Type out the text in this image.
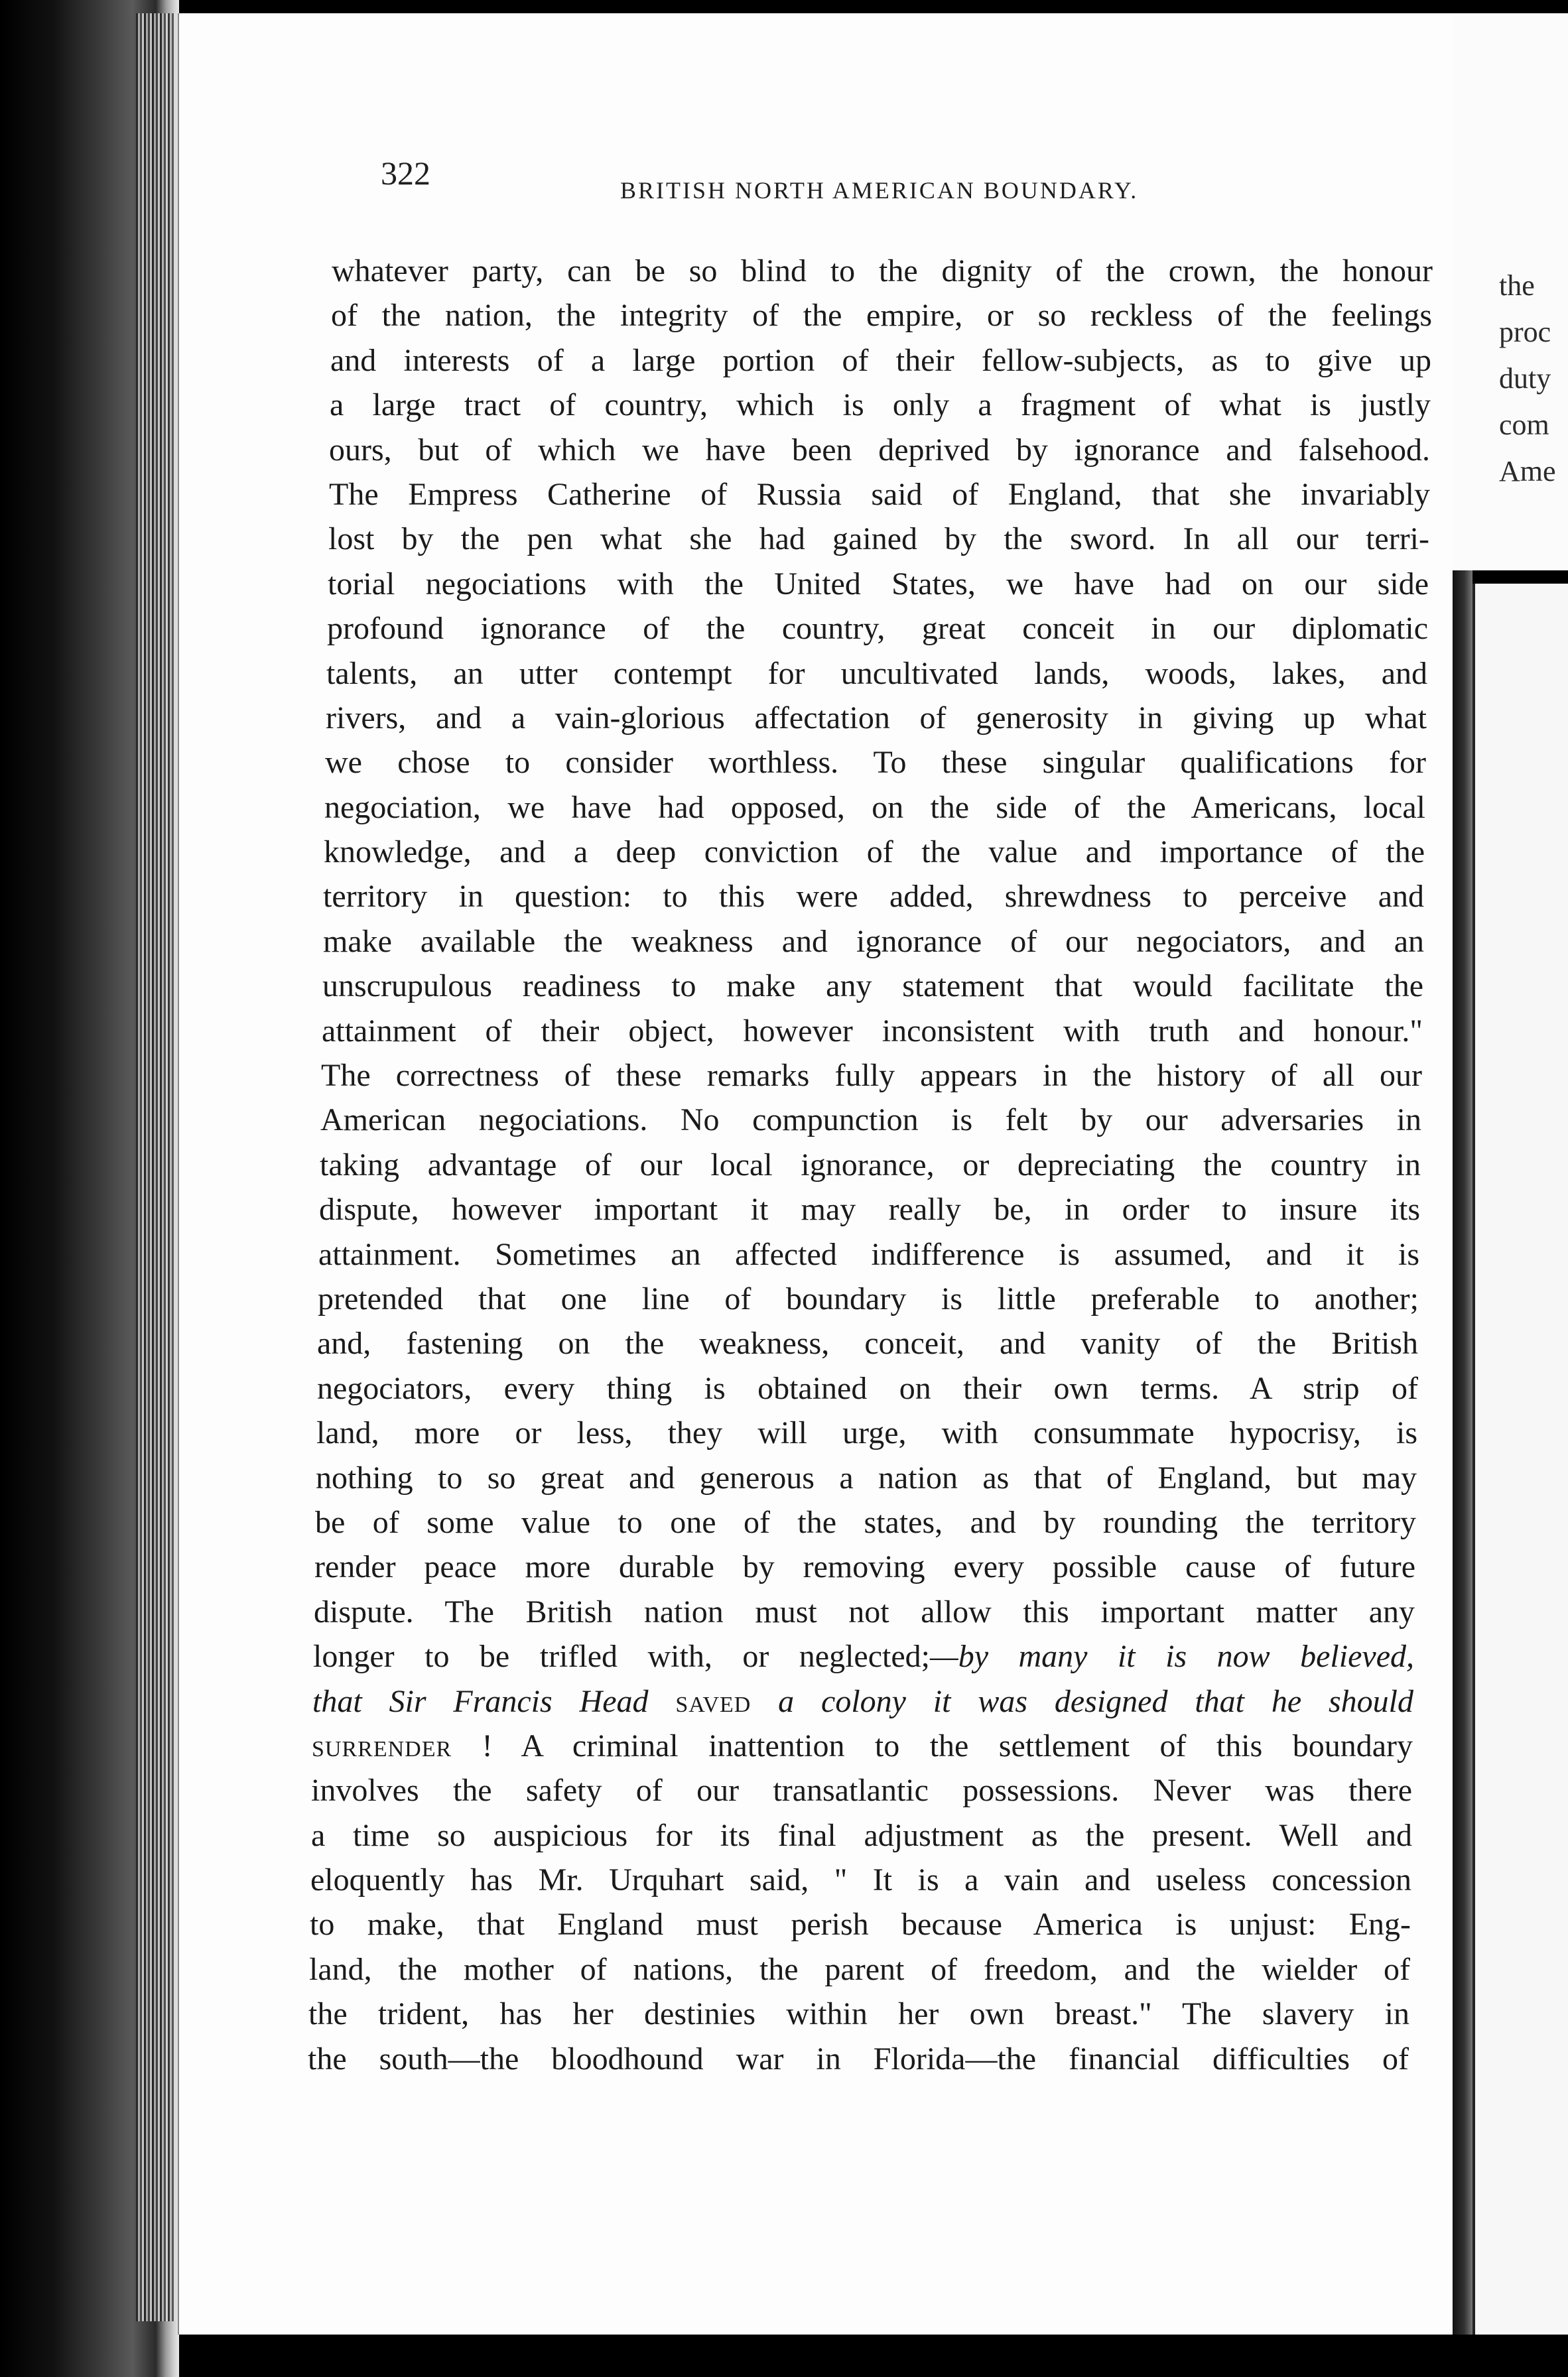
the
proc
duty
com
Ame
322	BRITISH NORTH AMERICAN BOUNDARY.
whatever party, can be so blind to the dignity of the crown, the honour
of the nation, the integrity of the empire, or so reckless of the feelings
and interests of a large portion of their fellow-subjects, as to give up
a large tract of country, which is only a fragment of what is justly
ours, but of which we have been deprived by ignorance and falsehood.
The Empress Catherine of Russia said of England, that she invariably
lost by the pen what she had gained by the sword. In all our terri-
torial negociations with the United States, we have had on our side
profound ignorance of the country, great conceit in our diplomatic
talents, an utter contempt for uncultivated lands, woods, lakes, and
rivers, and a vain-glorious affectation of generosity in giving up what
we chose to consider worthless. To these singular qualifications for
negociation, we have had opposed, on the side of the Americans, local
knowledge, and a deep conviction of the value and importance of the
territory in question: to this were added, shrewdness to perceive and
make available the weakness and ignorance of our negociators, and an
unscrupulous readiness to make any statement that would facilitate the
attainment of their object, however inconsistent with truth and honour."
The correctness of these remarks fully appears in the history of all our
American negociations. No compunction is felt by our adversaries in
taking advantage of our local ignorance, or depreciating the country in
dispute, however important it may really be, in order to insure its
attainment. Sometimes an affected indifference is assumed, and it is
pretended that one line of boundary is little preferable to another;
and, fastening on the weakness, conceit, and vanity of the British
negociators, every thing is obtained on their own terms. A strip of
land, more or less, they will urge, with consummate hypocrisy, is
nothing to so great and generous a nation as that of England, but may
be of some value to one of the states, and by rounding the territory
render peace more durable by removing every possible cause of future
dispute. The British nation must not allow this important matter any
longer to be trifled with, or neglected;—by many it is now believed,
that Sir Francis Head saved a colony it was designed that he should
surrender ! A criminal inattention to the settlement of this boundary
involves the safety of our transatlantic possessions. Never was there
a time so auspicious for its final adjustment as the present. Well and
eloquently has Mr. Urquhart said, " It is a vain and useless concession
to make, that England must perish because America is unjust: Eng-
land, the mother of nations, the parent of freedom, and the wielder of
the trident, has her destinies within her own breast." The slavery in
the south—the bloodhound war in Florida—the financial difficulties of
